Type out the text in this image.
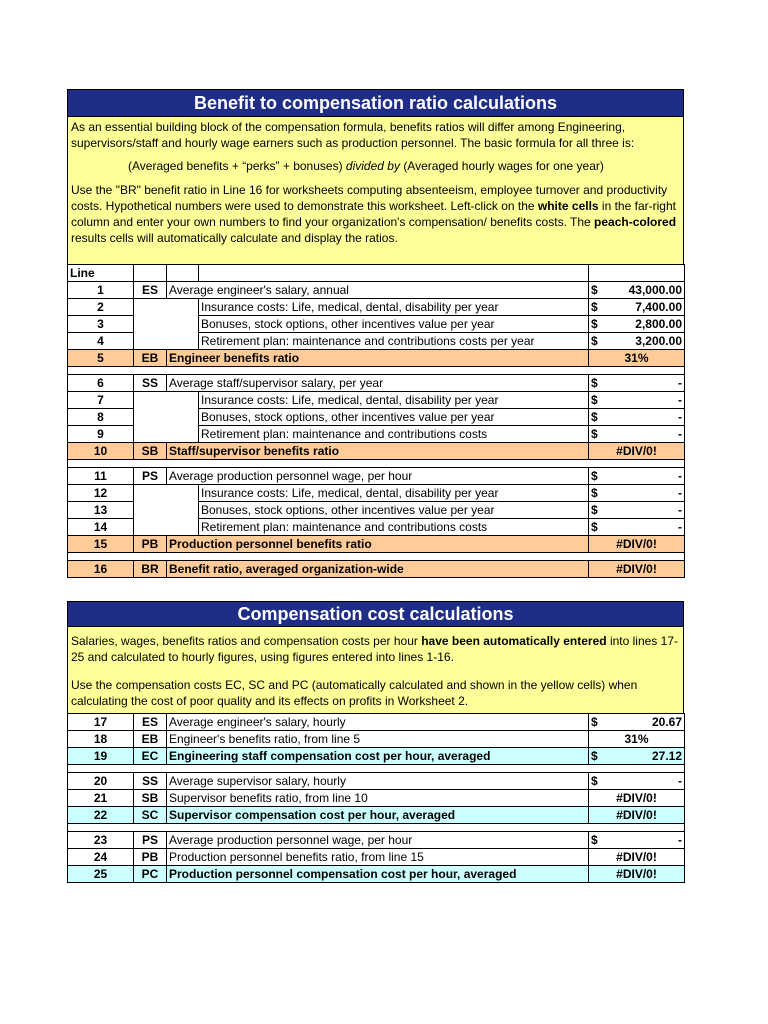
Benefit to compensation ratio calculations

As an essential building block of the compensation formula, benefits ratios will differ among Engineering, supervisors/staff and hourly wage earners such as production personnel. The basic formula for all three is:

(Averaged benefits + “perks” + bonuses) divided by (Averaged hourly wages for one year)

Use the "BR" benefit ratio in Line 16 for worksheets computing absenteeism, employee turnover and productivity costs. Hypothetical numbers were used to demonstrate this worksheet. Left-click on the white cells in the far-right column and enter your own numbers to find your organization's compensation/ benefits costs. The peach-colored results cells will automatically calculate and display the ratios.

Line					
1	ES	Average engineer's salary, annual		$	43,000.00
2			Insurance costs: Life, medical, dental, disability per year	$	7,400.00
3			Bonuses, stock options, other incentives value per year	$	2,800.00
4			Retirement plan: maintenance and contributions costs per year	$	3,200.00
5	EB	Engineer benefits ratio		31%	

6	SS	Average staff/supervisor salary, per year		$	-
7			Insurance costs: Life, medical, dental, disability per year	$	-
8			Bonuses, stock options, other incentives value per year	$	-
9			Retirement plan: maintenance and contributions costs	$	-
10	SB	Staff/supervisor benefits ratio		#DIV/0!	

11	PS	Average production personnel wage, per hour		$	-
12			Insurance costs: Life, medical, dental, disability per year	$	-
13			Bonuses, stock options, other incentives value per year	$	-
14			Retirement plan: maintenance and contributions costs	$	-
15	PB	Production personnel benefits ratio		#DIV/0!	

16	BR	Benefit ratio, averaged organization-wide		#DIV/0!	
Compensation cost calculations

Salaries, wages, benefits ratios and compensation costs per hour have been automatically entered into lines 17-25 and calculated to hourly figures, using figures entered into lines 1-16.

Use the compensation costs EC, SC and PC (automatically calculated and shown in the yellow cells) when calculating the cost of poor quality and its effects on profits in Worksheet 2.

17	ES	Average engineer's salary, hourly	$	20.67
18	EB	Engineer's benefits ratio, from line 5	31%	
19	EC	Engineering staff compensation cost per hour, averaged	$	27.12

20	SS	Average supervisor salary, hourly	$	-
21	SB	Supervisor benefits ratio, from line 10	#DIV/0!	
22	SC	Supervisor compensation cost per hour, averaged	#DIV/0!	

23	PS	Average production personnel wage, per hour	$	-
24	PB	Production personnel benefits ratio, from line 15	#DIV/0!	
25	PC	Production personnel compensation cost per hour, averaged	#DIV/0!	
